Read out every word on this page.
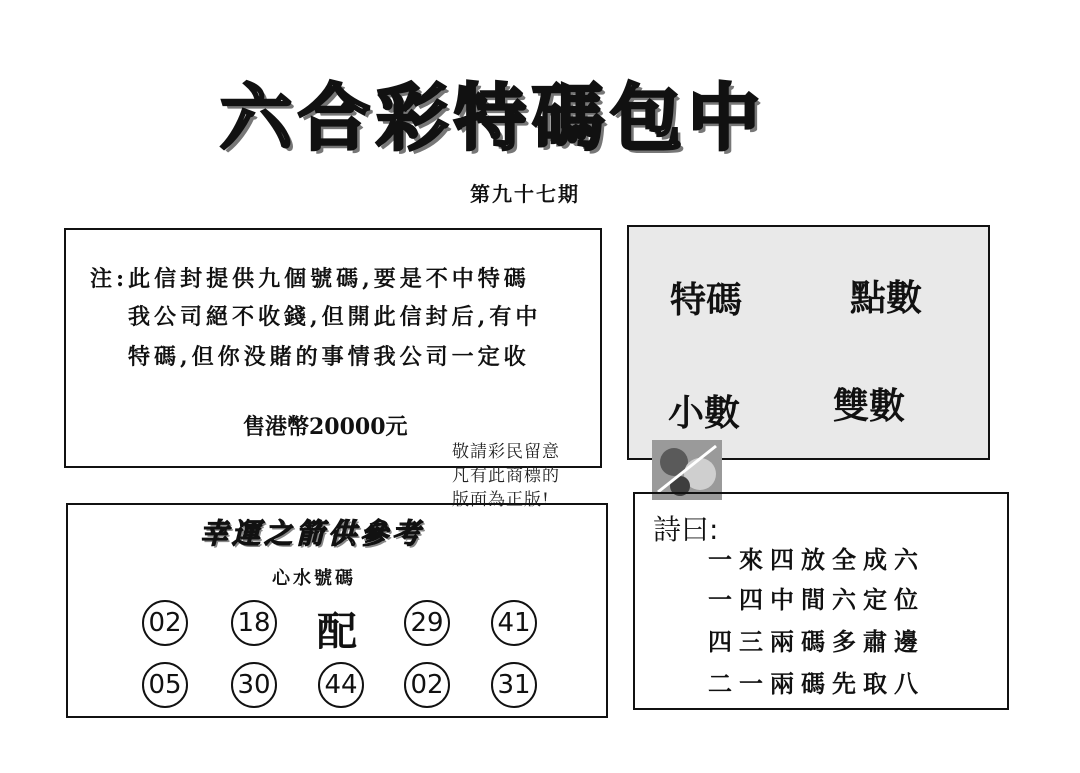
六合彩特碼包中
第九十七期
注:此信封提供九個號碼,要是不中特碼
我公司絕不收錢,但開此信封后,有中
特碼,但你没賭的事情我公司一定收
售港幣20000元
特碼	點數
小數	雙數
敬請彩民留意
凡有此商標的
版面為正版!
幸運之箭供參考
心水號碼
02 18 配 29 41
05 30 44 02 31
詩曰:
一來四放全成六
一四中間六定位
四三兩碼多肅邊
二一兩碼先取八
